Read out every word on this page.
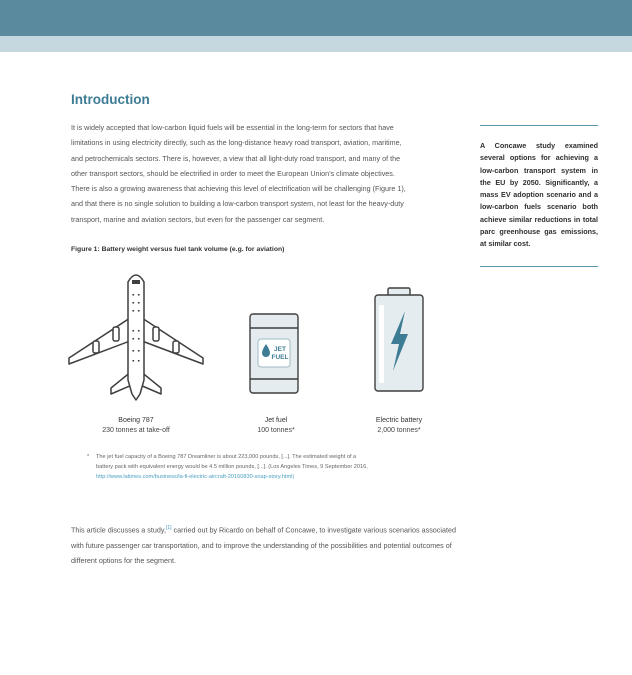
Introduction
It is widely accepted that low-carbon liquid fuels will be essential in the long-term for sectors that have
limitations in using electricity directly, such as the long-distance heavy road transport, aviation, maritime,
and petrochemicals sectors. There is, however, a view that all light-duty road transport, and many of the
other transport sectors, should be electrified in order to meet the European Union’s climate objectives.
There is also a growing awareness that achieving this level of electrification will be challenging (Figure 1),
and that there is no single solution to building a low-carbon transport system, not least for the heavy-duty
transport, marine and aviation sectors, but even for the passenger car segment.

A Concawe study examined several options for achieving a low-carbon transport system in the EU by 2050. Significantly, a mass EV adoption scenario and a low-carbon fuels scenario both achieve similar reductions in total parc greenhouse gas emissions, at similar cost.

Figure 1: Battery weight versus fuel tank volume (e.g. for aviation)
JET
FUEL
Boeing 787
230 tonnes at take-off
Jet fuel
100 tonnes*
Electric battery
2,000 tonnes*
* The jet fuel capacity of a Boeing 787 Dreamliner is about 223,000 pounds, [...]. The estimated weight of a
battery pack with equivalent energy would be 4.5 million pounds, [...]. (Los Angeles Times, 9 September 2016,
http://www.latimes.com/business/la-fi-electric-aircraft-20160830-snap-story.html)

This article discusses a study,[1] carried out by Ricardo on behalf of Concawe, to investigate various scenarios associated with future passenger car transportation, and to improve the understanding of the possibilities and potential outcomes of different options for the segment.
